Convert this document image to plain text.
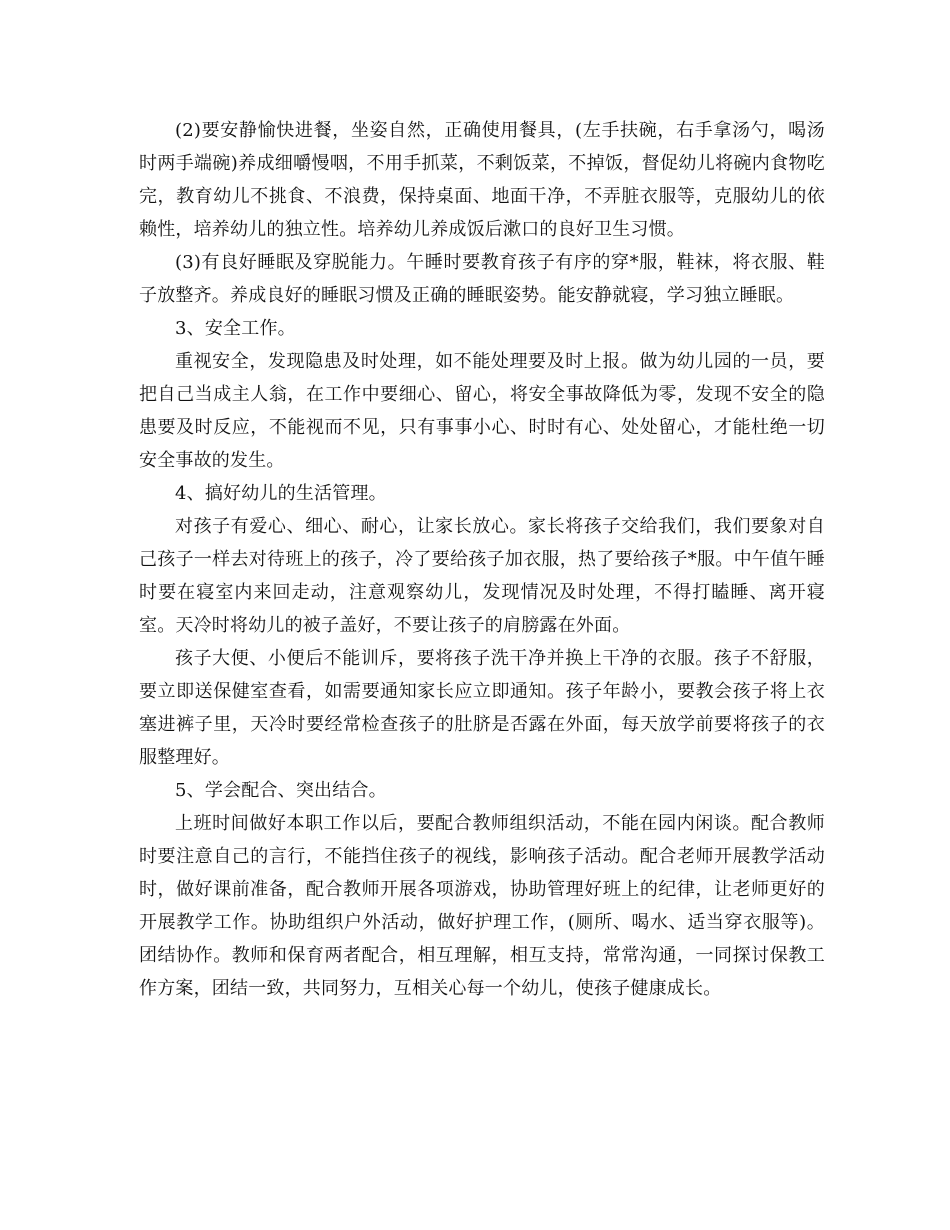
(2)要安静愉快进餐，坐姿自然，正确使用餐具，(左手扶碗，右手拿汤勺，喝汤时两手端碗)养成细嚼慢咽，不用手抓菜，不剩饭菜，不掉饭，督促幼儿将碗内食物吃完，教育幼儿不挑食、不浪费，保持桌面、地面干净，不弄脏衣服等，克服幼儿的依赖性，培养幼儿的独立性。培养幼儿养成饭后漱口的良好卫生习惯。

(3)有良好睡眠及穿脱能力。午睡时要教育孩子有序的穿*服，鞋袜，将衣服、鞋子放整齐。养成良好的睡眠习惯及正确的睡眠姿势。能安静就寝，学习独立睡眠。

3、安全工作。

重视安全，发现隐患及时处理，如不能处理要及时上报。做为幼儿园的一员，要把自己当成主人翁，在工作中要细心、留心，将安全事故降低为零，发现不安全的隐患要及时反应，不能视而不见，只有事事小心、时时有心、处处留心，才能杜绝一切安全事故的发生。

4、搞好幼儿的生活管理。

对孩子有爱心、细心、耐心，让家长放心。家长将孩子交给我们，我们要象对自己孩子一样去对待班上的孩子，冷了要给孩子加衣服，热了要给孩子*服。中午值午睡时要在寝室内来回走动，注意观察幼儿，发现情况及时处理，不得打瞌睡、离开寝室。天冷时将幼儿的被子盖好，不要让孩子的肩膀露在外面。

孩子大便、小便后不能训斥，要将孩子洗干净并换上干净的衣服。孩子不舒服，要立即送保健室查看，如需要通知家长应立即通知。孩子年龄小，要教会孩子将上衣塞进裤子里，天冷时要经常检查孩子的肚脐是否露在外面，每天放学前要将孩子的衣服整理好。

5、学会配合、突出结合。

上班时间做好本职工作以后，要配合教师组织活动，不能在园内闲谈。配合教师时要注意自己的言行，不能挡住孩子的视线，影响孩子活动。配合老师开展教学活动时，做好课前准备，配合教师开展各项游戏，协助管理好班上的纪律，让老师更好的开展教学工作。协助组织户外活动，做好护理工作，(厕所、喝水、适当穿衣服等)。团结协作。教师和保育两者配合，相互理解，相互支持，常常沟通，一同探讨保教工作方案，团结一致，共同努力，互相关心每一个幼儿，使孩子健康成长。
